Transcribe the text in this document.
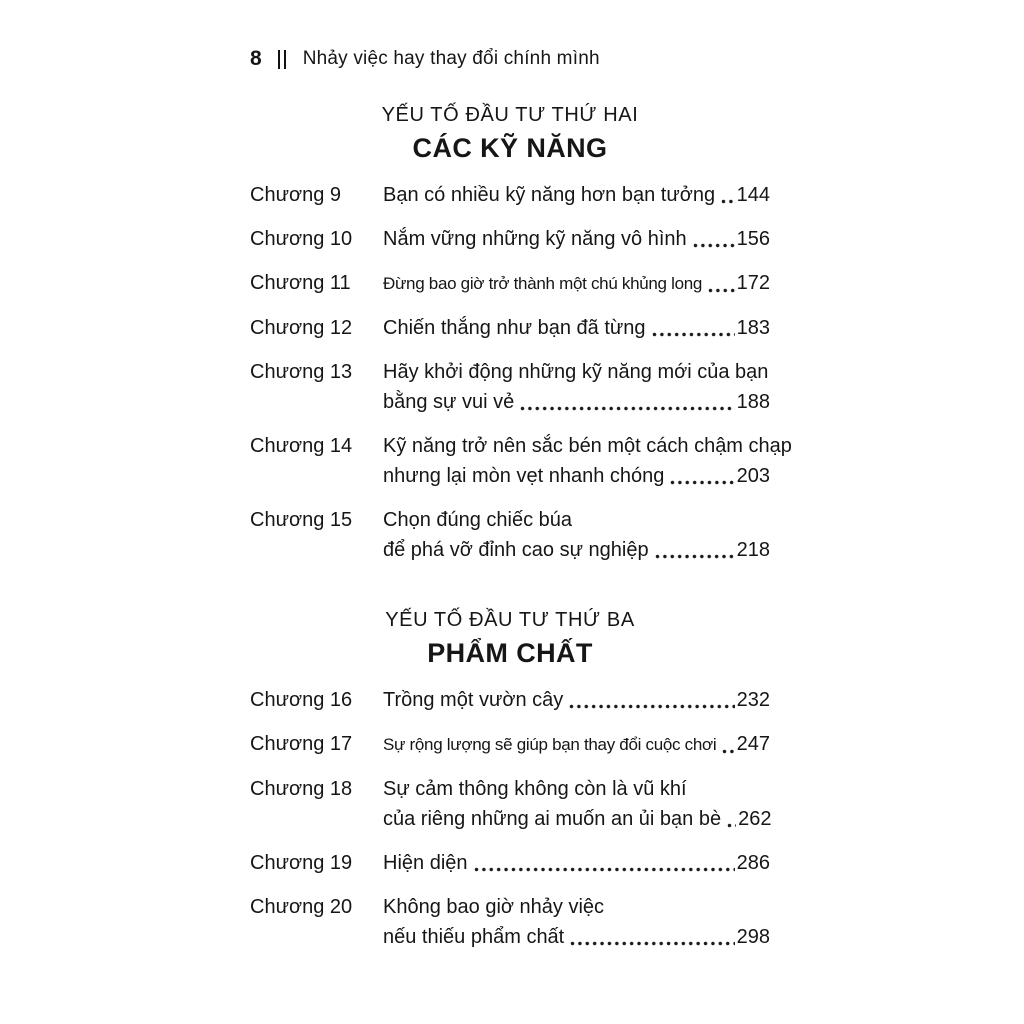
8 Nhảy việc hay thay đổi chính mình
YẾU TỐ ĐẦU TƯ THỨ HAI
CÁC KỸ NĂNG
Chương 9	Bạn có nhiều kỹ năng hơn bạn tưởng 144
Chương 10	Nắm vững những kỹ năng vô hình	156
Chương 11	Đừng bao giờ trở thành một chú khủng long 172
Chương 12	Chiến thắng như bạn đã từng	183
Chương 13	Hãy khởi động những kỹ năng mới của bạn
bằng sự vui vẻ	188
Chương 14	Kỹ năng trở nên sắc bén một cách chậm chạp
nhưng lại mòn vẹt nhanh chóng	203
Chương 15	Chọn đúng chiếc búa
để phá vỡ đỉnh cao sự nghiệp	218
YẾU TỐ ĐẦU TƯ THỨ BA
PHẨM CHẤT
Chương 16	Trồng một vườn cây	232
Chương 17	Sự rộng lượng sẽ giúp bạn thay đổi cuộc chơi 247
Chương 18	Sự cảm thông không còn là vũ khí
của riêng những ai muốn an ủi bạn bè 262
Chương 19	Hiện diện	286
Chương 20	Không bao giờ nhảy việc
nếu thiếu phẩm chất	298
